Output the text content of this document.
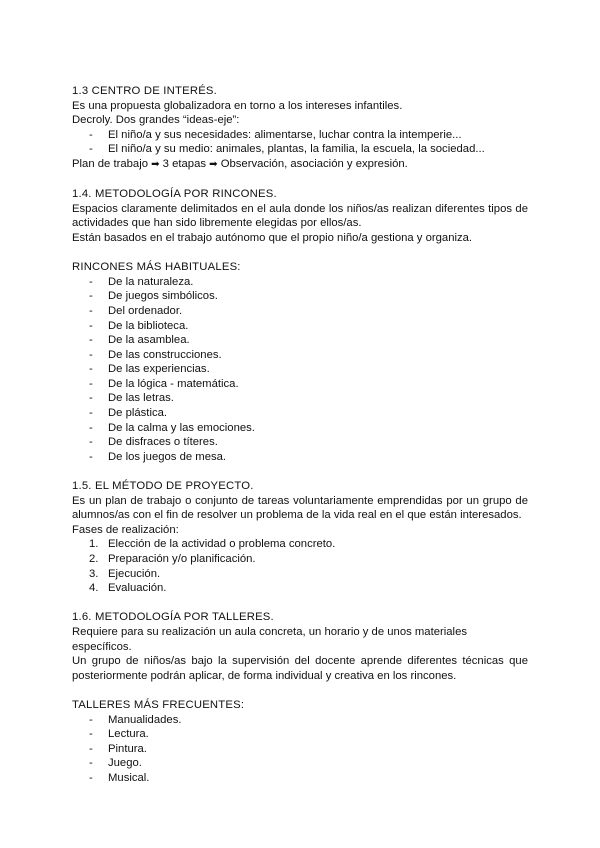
1.3 CENTRO DE INTERÉS.

Es una propuesta globalizadora en torno a los intereses infantiles.

Decroly. Dos grandes “ideas-eje”:

- El niño/a y sus necesidades: alimentarse, luchar contra la intemperie...
- El niño/a y su medio: animales, plantas, la familia, la escuela, la sociedad...

Plan de trabajo ➡ 3 etapas ➡ Observación, asociación y expresión.

1.4. METODOLOGÍA POR RINCONES.

Espacios claramente delimitados en el aula donde los niños/as realizan diferentes tipos de actividades que han sido libremente elegidas por ellos/as.

Están basados en el trabajo autónomo que el propio niño/a gestiona y organiza.

RINCONES MÁS HABITUALES:

- De la naturaleza.
- De juegos simbólicos.
- Del ordenador.
- De la biblioteca.
- De la asamblea.
- De las construcciones.
- De las experiencias.
- De la lógica - matemática.
- De las letras.
- De plástica.
- De la calma y las emociones.
- De disfraces o títeres.
- De los juegos de mesa.

1.5. EL MÉTODO DE PROYECTO.

Es un plan de trabajo o conjunto de tareas voluntariamente emprendidas por un grupo de alumnos/as con el fin de resolver un problema de la vida real en el que están interesados.

Fases de realización:

1. Elección de la actividad o problema concreto.
2. Preparación y/o planificación.
3. Ejecución.
4. Evaluación.

1.6. METODOLOGÍA POR TALLERES.

Requiere para su realización un aula concreta, un horario y de unos materiales específicos.

Un grupo de niños/as bajo la supervisión del docente aprende diferentes técnicas que posteriormente podrán aplicar, de forma individual y creativa en los rincones.

TALLERES MÁS FRECUENTES:

- Manualidades.
- Lectura.
- Pintura.
- Juego.
- Musical.
